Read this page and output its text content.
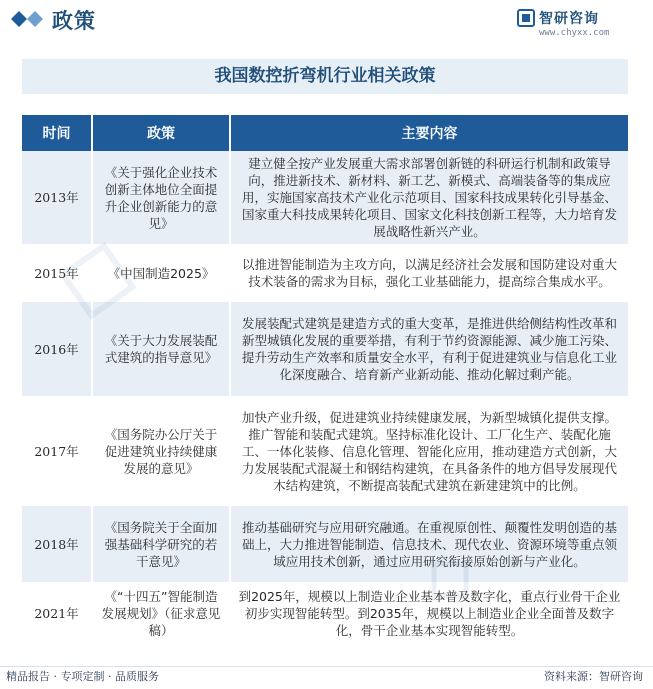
政策	智研咨询
www.chyxx.com
我国数控折弯机行业相关政策
时间	政策	主要内容
2013年	《关于强化企业技术创新主体地位全面提升企业创新能力的意见》	建立健全按产业发展重大需求部署创新链的科研运行机制和政策导向，推进新技术、新材料、新工艺、新模式、高端装备等的集成应用，实施国家高技术产业化示范项目、国家科技成果转化引导基金、国家重大科技成果转化项目、国家文化科技创新工程等，大力培育发展战略性新兴产业。
2015年	《中国制造2025》	以推进智能制造为主攻方向，以满足经济社会发展和国防建设对重大技术装备的需求为目标，强化工业基础能力，提高综合集成水平。
2016年	《关于大力发展装配式建筑的指导意见》	发展装配式建筑是建造方式的重大变革，是推进供给侧结构性改革和新型城镇化发展的重要举措，有利于节约资源能源、减少施工污染、提升劳动生产效率和质量安全水平，有利于促进建筑业与信息化工业化深度融合、培育新产业新动能、推动化解过剩产能。
2017年	《国务院办公厅关于促进建筑业持续健康发展的意见》	加快产业升级，促进建筑业持续健康发展，为新型城镇化提供支撑。推广智能和装配式建筑。坚持标准化设计、工厂化生产、装配化施工、一体化装修、信息化管理、智能化应用，推动建造方式创新，大力发展装配式混凝土和钢结构建筑，在具备条件的地方倡导发展现代木结构建筑，不断提高装配式建筑在新建建筑中的比例。
2018年	《国务院关于全面加强基础科学研究的若干意见》	推动基础研究与应用研究融通。在重视原创性、颠覆性发明创造的基础上，大力推进智能制造、信息技术、现代农业、资源环境等重点领域应用技术创新，通过应用研究衔接原始创新与产业化。
2021年	《“十四五”智能制造发展规划》（征求意见稿）	到2025年，规模以上制造业企业基本普及数字化，重点行业骨干企业初步实现智能转型。到2035年，规模以上制造业企业全面普及数字化，骨干企业基本实现智能转型。
精品报告 · 专项定制 · 品质服务	资料来源：智研咨询
